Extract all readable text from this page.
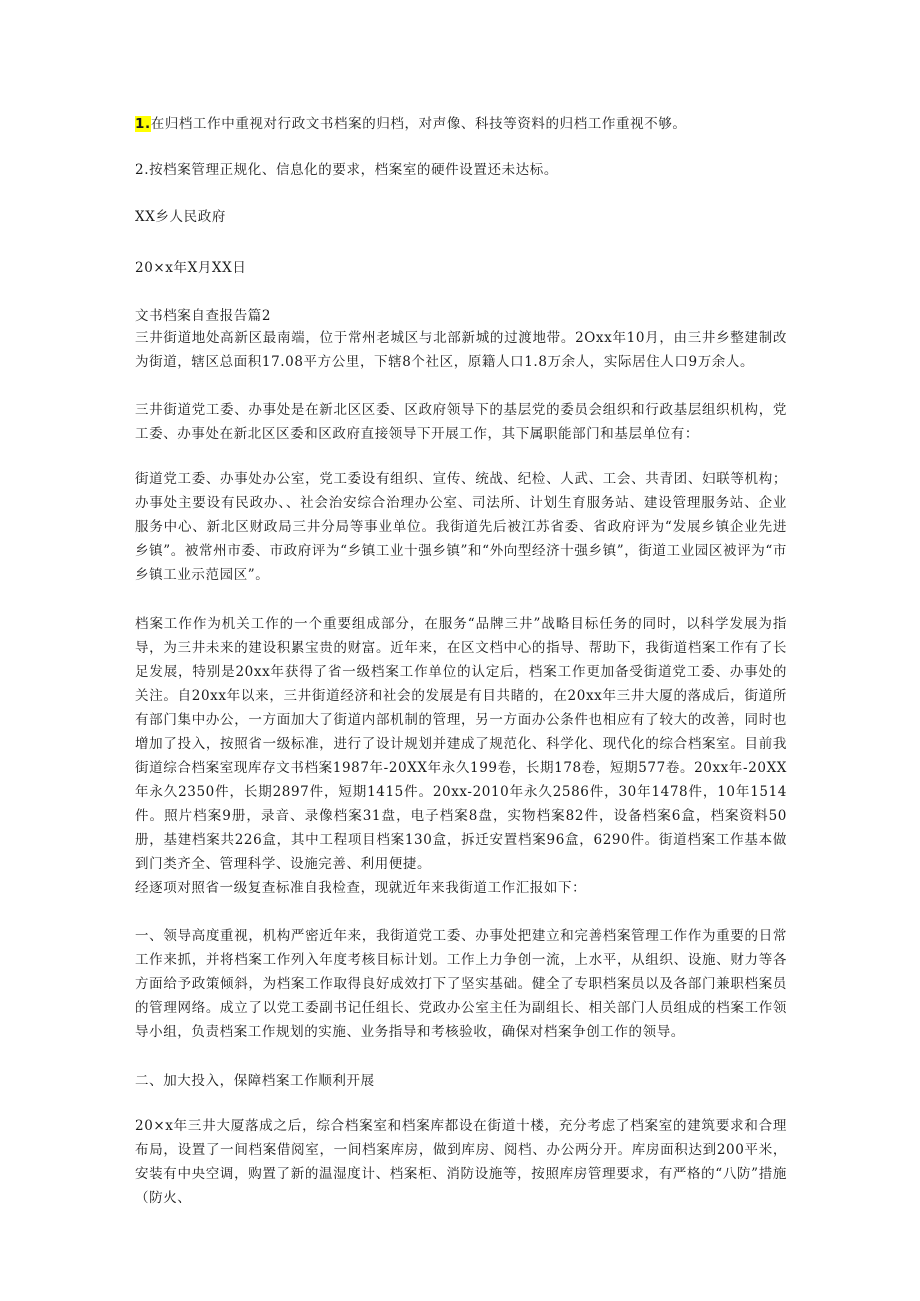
1.在归档工作中重视对行政文书档案的归档，对声像、科技等资料的归档工作重视不够。
2.按档案管理正规化、信息化的要求，档案室的硬件设置还未达标。
XX乡人民政府
20×x年X月XX日
文书档案自查报告篇2
三井街道地处高新区最南端，位于常州老城区与北部新城的过渡地带。2Oxx年10月，由三井乡整建制改为街道，辖区总面积17.08平方公里，下辖8个社区，原籍人口1.8万余人，实际居住人口9万余人。
三井街道党工委、办事处是在新北区区委、区政府领导下的基层党的委员会组织和行政基层组织机构，党工委、办事处在新北区区委和区政府直接领导下开展工作，其下属职能部门和基层单位有：
街道党工委、办事处办公室，党工委设有组织、宣传、统战、纪检、人武、工会、共青团、妇联等机构；办事处主要设有民政办、、社会治安综合治理办公室、司法所、计划生育服务站、建设管理服务站、企业服务中心、新北区财政局三井分局等事业单位。我街道先后被江苏省委、省政府评为“发展乡镇企业先进乡镇”。被常州市委、市政府评为“乡镇工业十强乡镇”和“外向型经济十强乡镇”，街道工业园区被评为“市乡镇工业示范园区”。
档案工作作为机关工作的一个重要组成部分，在服务“品牌三井”战略目标任务的同时，以科学发展为指导，为三井未来的建设积累宝贵的财富。近年来，在区文档中心的指导、帮助下，我街道档案工作有了长足发展，特别是20xx年获得了省一级档案工作单位的认定后，档案工作更加备受街道党工委、办事处的关注。自20xx年以来，三井街道经济和社会的发展是有目共睹的，在20xx年三井大厦的落成后，街道所有部门集中办公，一方面加大了街道内部机制的管理，另一方面办公条件也相应有了较大的改善，同时也增加了投入，按照省一级标准，进行了设计规划并建成了规范化、科学化、现代化的综合档案室。目前我街道综合档案室现库存文书档案1987年-20XX年永久199卷，长期178卷，短期577卷。20xx年-20XX年永久2350件，长期2897件，短期1415件。20xx-2010年永久2586件，30年1478件，10年1514件。照片档案9册，录音、录像档案31盘，电子档案8盘，实物档案82件，设备档案6盒，档案资料50册，基建档案共226盒，其中工程项目档案130盒，拆迁安置档案96盒，6290件。街道档案工作基本做到门类齐全、管理科学、设施完善、利用便捷。
经逐项对照省一级复查标准自我检查，现就近年来我街道工作汇报如下：
一、领导高度重视，机构严密近年来，我街道党工委、办事处把建立和完善档案管理工作作为重要的日常工作来抓，并将档案工作列入年度考核目标计划。工作上力争创一流，上水平，从组织、设施、财力等各方面给予政策倾斜，为档案工作取得良好成效打下了坚实基础。健全了专职档案员以及各部门兼职档案员的管理网络。成立了以党工委副书记任组长、党政办公室主任为副组长、相关部门人员组成的档案工作领导小组，负责档案工作规划的实施、业务指导和考核验收，确保对档案争创工作的领导。
二、加大投入，保障档案工作顺利开展
20×x年三井大厦落成之后，综合档案室和档案库都设在街道十楼，充分考虑了档案室的建筑要求和合理布局，设置了一间档案借阅室，一间档案库房，做到库房、阅档、办公两分开。库房面积达到200平米，安装有中央空调，购置了新的温湿度计、档案柜、消防设施等，按照库房管理要求，有严格的“八防”措施（防火、
